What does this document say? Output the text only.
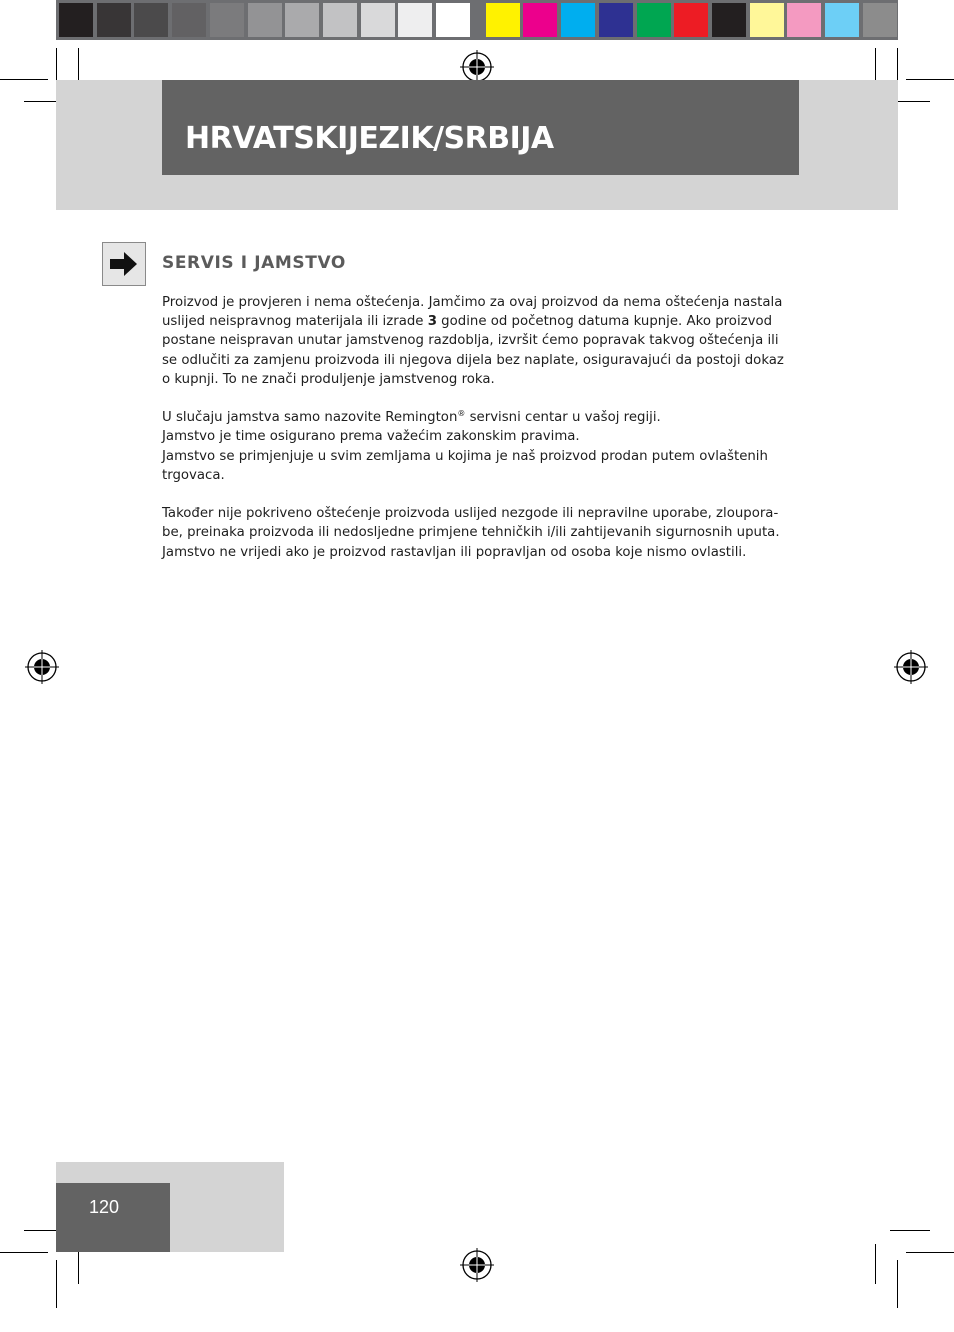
HRVATSKIJEZIK/SRBIJA
SERVIS I JAMSTVO

Proizvod je provjeren i nema oštećenja. Jamčimo za ovaj proizvod da nema oštećenja nastala
uslijed neispravnog materijala ili izrade 3 godine od početnog datuma kupnje. Ako proizvod
postane neispravan unutar jamstvenog razdoblja, izvršit ćemo popravak takvog oštećenja ili
se odlučiti za zamjenu proizvoda ili njegova dijela bez naplate, osiguravajući da postoji dokaz
o kupnji. To ne znači produljenje jamstvenog roka.

U slučaju jamstva samo nazovite Remington® servisni centar u vašoj regiji.
Jamstvo je time osigurano prema važećim zakonskim pravima.
Jamstvo se primjenjuje u svim zemljama u kojima je naš proizvod prodan putem ovlaštenih
trgovaca.

Također nije pokriveno oštećenje proizvoda uslijed nezgode ili nepravilne uporabe, zloupora-
be, preinaka proizvoda ili nedosljedne primjene tehničkih i/ili zahtijevanih sigurnosnih uputa.
Jamstvo ne vrijedi ako je proizvod rastavljan ili popravljan od osoba koje nismo ovlastili.

120
